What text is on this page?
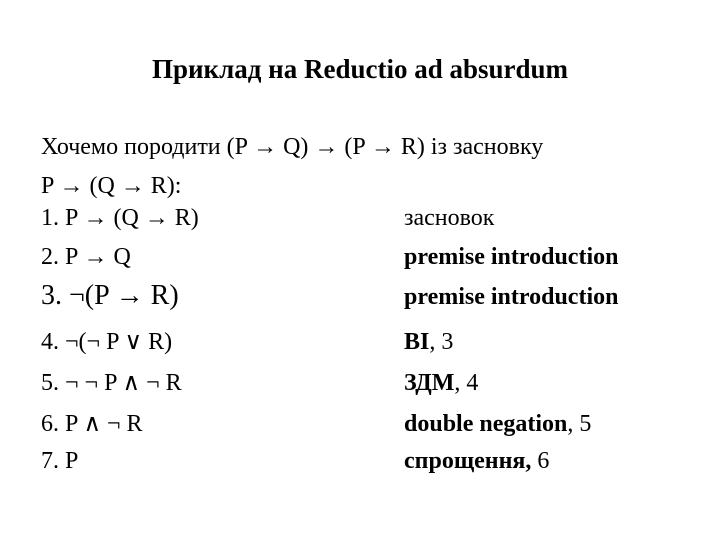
Приклад на Reductio ad absurdum
Хочемо породити (P → Q) → (P → R) із засновку
P → (Q → R):
1. P → (Q → R)	засновок
2. P → Q	premise introduction
3. ¬(P → R)	premise introduction
4. ¬(¬ P ∨ R)	ВІ, 3
5. ¬ ¬ P ∧ ¬ R	ЗДМ, 4
6. P ∧ ¬ R	double negation, 5
7. P	спрощення, 6
